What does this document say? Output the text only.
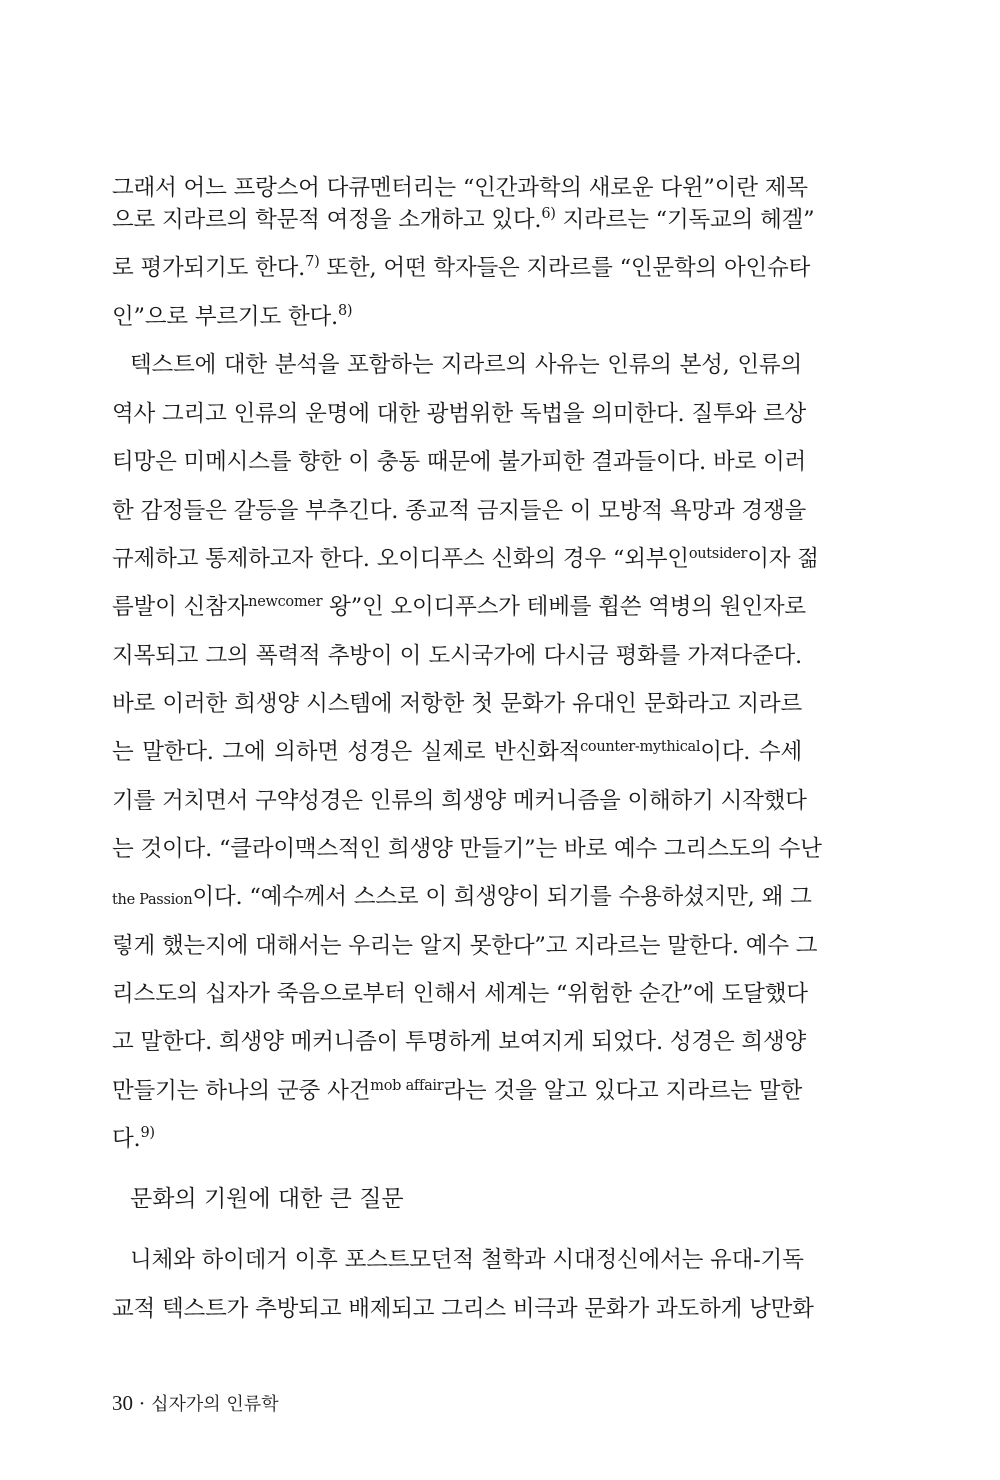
그래서 어느 프랑스어 다큐멘터리는 “인간과학의 새로운 다윈”이란 제목
으로 지라르의 학문적 여정을 소개하고 있다.$^{6)}$ 지라르는 “기독교의 헤겔”
로 평가되기도 한다.$^{7)}$ 또한, 어떤 학자들은 지라르를 “인문학의 아인슈타
인”으로 부르기도 한다.$^{8)}$
텍스트에 대한 분석을 포함하는 지라르의 사유는 인류의 본성, 인류의
역사 그리고 인류의 운명에 대한 광범위한 독법을 의미한다. 질투와 르상
티망은 미메시스를 향한 이 충동 때문에 불가피한 결과들이다. 바로 이러
한 감정들은 갈등을 부추긴다. 종교적 금지들은 이 모방적 욕망과 경쟁을
규제하고 통제하고자 한다. 오이디푸스 신화의 경우 “외부인$^{outsider}$이자 젊
름발이 신참자$^{newcomer}$ 왕”인 오이디푸스가 테베를 휩쓴 역병의 원인자로
지목되고 그의 폭력적 추방이 이 도시국가에 다시금 평화를 가져다준다.
바로 이러한 희생양 시스템에 저항한 첫 문화가 유대인 문화라고 지라르
는 말한다. 그에 의하면 성경은 실제로 반신화적$^{counter-mythical}$이다. 수세
기를 거치면서 구약성경은 인류의 희생양 메커니즘을 이해하기 시작했다
는 것이다. “클라이맥스적인 희생양 만들기”는 바로 예수 그리스도의 수난
the Passion이다. “예수께서 스스로 이 희생양이 되기를 수용하셨지만, 왜 그
렇게 했는지에 대해서는 우리는 알지 못한다”고 지라르는 말한다. 예수 그
리스도의 십자가 죽음으로부터 인해서 세계는 “위험한 순간”에 도달했다
고 말한다. 희생양 메커니즘이 투명하게 보여지게 되었다. 성경은 희생양
만들기는 하나의 군중 사건$^{mob affair}$라는 것을 알고 있다고 지라르는 말한
다.$^{9)}$
문화의 기원에 대한 큰 질문
니체와 하이데거 이후 포스트모던적 철학과 시대정신에서는 유대-기독
교적 텍스트가 추방되고 배제되고 그리스 비극과 문화가 과도하게 낭만화
30 · 십자가의 인류학
